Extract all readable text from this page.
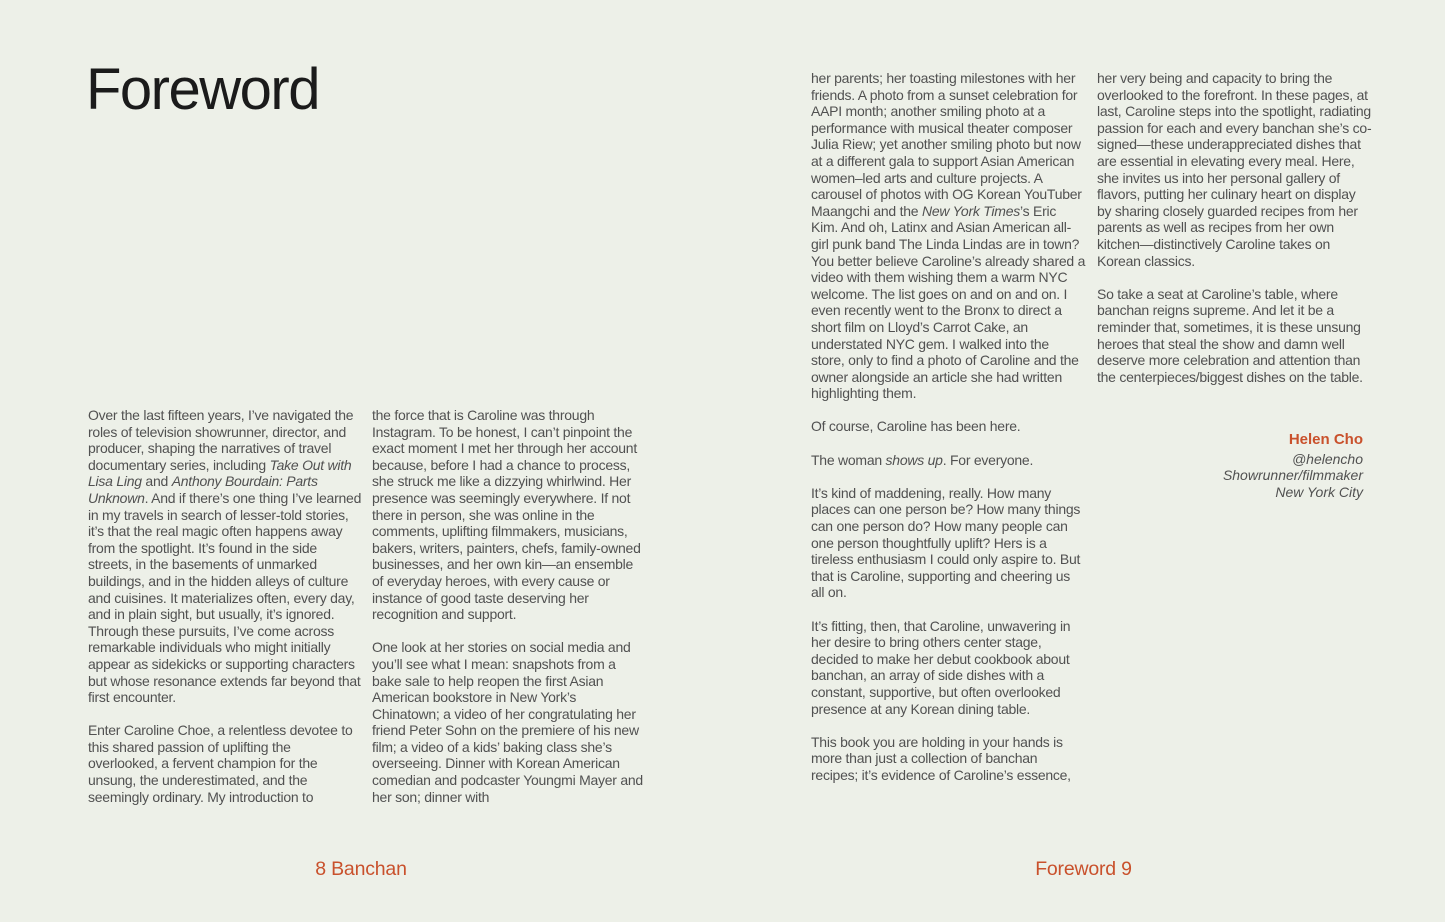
Foreword

Over the last fifteen years, I’ve navigated the roles of television showrunner, director, and producer, shaping the narratives of travel documentary series, including Take Out with Lisa Ling and Anthony Bourdain: Parts Unknown. And if there’s one thing I’ve learned in my travels in search of lesser-told stories, it’s that the real magic often happens away from the spotlight. It’s found in the side streets, in the basements of unmarked buildings, and in the hidden alleys of culture and cuisines. It materializes often, every day, and in plain sight, but usually, it’s ignored. Through these pursuits, I’ve come across remarkable individuals who might initially appear as sidekicks or supporting characters but whose resonance extends far beyond that first encounter.

Enter Caroline Choe, a relentless devotee to this shared passion of uplifting the overlooked, a fervent champion for the unsung, the underestimated, and the seemingly ordinary. My introduction to

the force that is Caroline was through Instagram. To be honest, I can’t pinpoint the exact moment I met her through her account because, before I had a chance to process, she struck me like a dizzying whirlwind. Her presence was seemingly everywhere. If not there in person, she was online in the comments, uplifting filmmakers, musicians, bakers, writers, painters, chefs, family-owned businesses, and her own kin—an ensemble of everyday heroes, with every cause or instance of good taste deserving her recognition and support.

One look at her stories on social media and you’ll see what I mean: snapshots from a bake sale to help reopen the first Asian American bookstore in New York’s Chinatown; a video of her congratulating her friend Peter Sohn on the premiere of his new film; a video of a kids’ baking class she’s overseeing. Dinner with Korean American comedian and podcaster Youngmi Mayer and her son; dinner with

her parents; her toasting milestones with her friends. A photo from a sunset celebration for AAPI month; another smiling photo at a performance with musical theater composer Julia Riew; yet another smiling photo but now at a different gala to support Asian American women–led arts and culture projects. A carousel of photos with OG Korean YouTuber Maangchi and the New York Times’s Eric Kim. And oh, Latinx and Asian American all-girl punk band The Linda Lindas are in town? You better believe Caroline’s already shared a video with them wishing them a warm NYC welcome. The list goes on and on and on. I even recently went to the Bronx to direct a short film on Lloyd’s Carrot Cake, an understated NYC gem. I walked into the store, only to find a photo of Caroline and the owner alongside an article she had written highlighting them.

Of course, Caroline has been here.

The woman shows up. For everyone.

It’s kind of maddening, really. How many places can one person be? How many things can one person do? How many people can one person thoughtfully uplift? Hers is a tireless enthusiasm I could only aspire to. But that is Caroline, supporting and cheering us all on.

It’s fitting, then, that Caroline, unwavering in her desire to bring others center stage, decided to make her debut cookbook about banchan, an array of side dishes with a constant, supportive, but often overlooked presence at any Korean dining table.

This book you are holding in your hands is more than just a collection of banchan recipes; it’s evidence of Caroline’s essence,

her very being and capacity to bring the overlooked to the forefront. In these pages, at last, Caroline steps into the spotlight, radiating passion for each and every banchan she’s co-signed—these underappreciated dishes that are essential in elevating every meal. Here, she invites us into her personal gallery of flavors, putting her culinary heart on display by sharing closely guarded recipes from her parents as well as recipes from her own kitchen—distinctively Caroline takes on Korean classics.

So take a seat at Caroline’s table, where banchan reigns supreme. And let it be a reminder that, sometimes, it is these unsung heroes that steal the show and damn well deserve more celebration and attention than the centerpieces/biggest dishes on the table.

Helen Cho
@helencho
Showrunner/filmmaker
New York City
8 Banchan	Foreword 9
